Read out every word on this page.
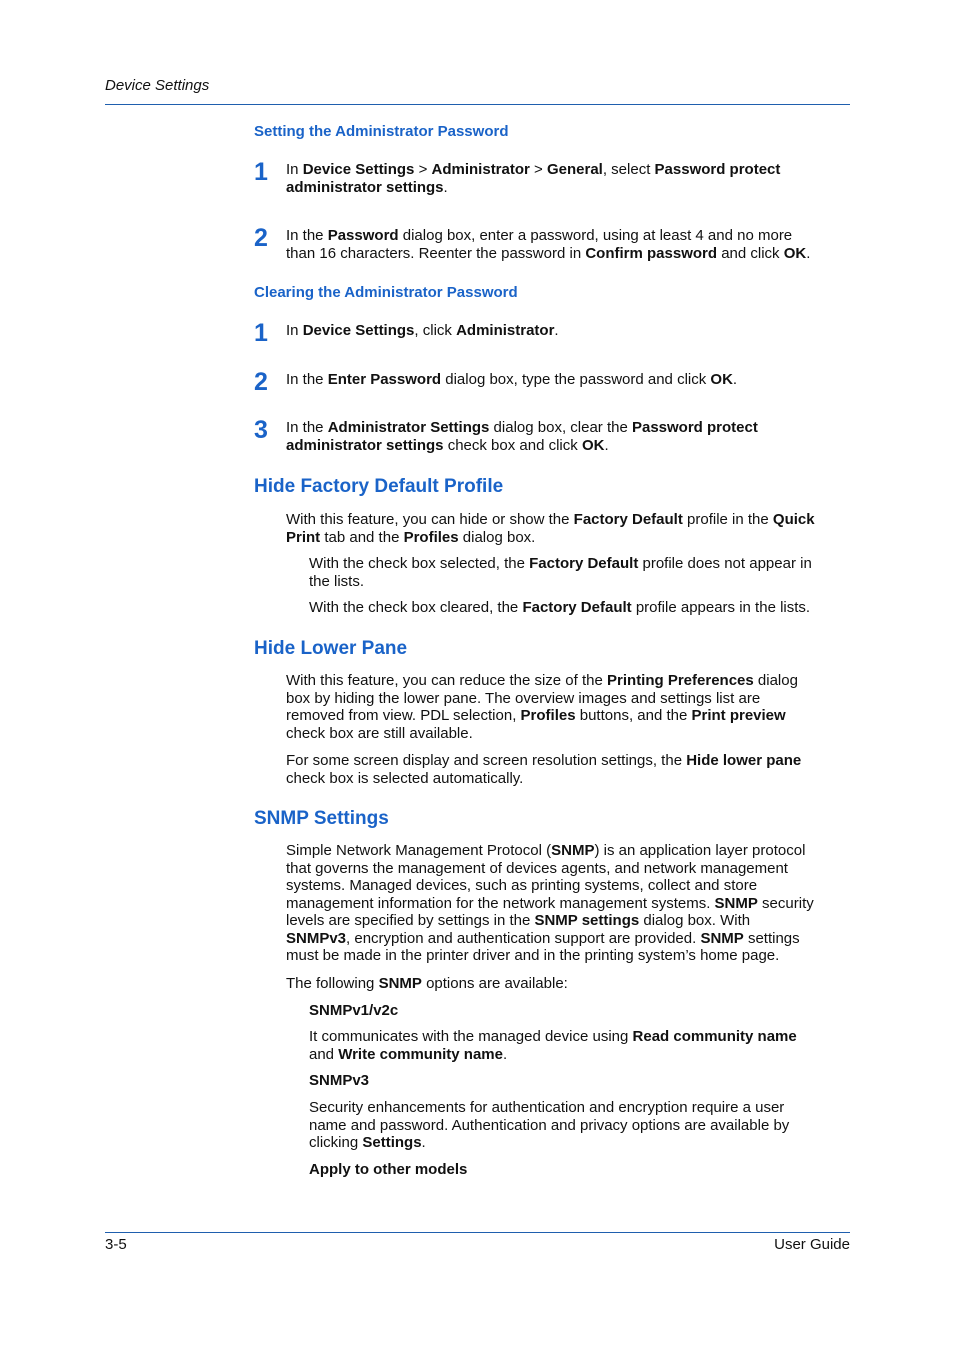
Device Settings
Setting the Administrator Password
1 In Device Settings > Administrator > General, select Password protect

administrator settings.

2 In the Password dialog box, enter a password, using at least 4 and no more

than 16 characters. Reenter the password in Confirm password and click OK.

Clearing the Administrator Password
1 In Device Settings, click Administrator.

2 In the Enter Password dialog box, type the password and click OK.

3 In the Administrator Settings dialog box, clear the Password protect

administrator settings check box and click OK.

Hide Factory Default Profile

With this feature, you can hide or show the Factory Default profile in the Quick

Print tab and the Profiles dialog box.

With the check box selected, the Factory Default profile does not appear in

the lists.

With the check box cleared, the Factory Default profile appears in the lists.

Hide Lower Pane

With this feature, you can reduce the size of the Printing Preferences dialog

box by hiding the lower pane. The overview images and settings list are

removed from view. PDL selection, Profiles buttons, and the Print preview

check box are still available.

For some screen display and screen resolution settings, the Hide lower pane

check box is selected automatically.

SNMP Settings

Simple Network Management Protocol (SNMP) is an application layer protocol

that governs the management of devices agents, and network management

systems. Managed devices, such as printing systems, collect and store

management information for the network management systems. SNMP security

levels are specified by settings in the SNMP settings dialog box. With

SNMPv3, encryption and authentication support are provided. SNMP settings

must be made in the printer driver and in the printing system’s home page.

The following SNMP options are available:

SNMPv1/v2c

It communicates with the managed device using Read community name

and Write community name.

SNMPv3

Security enhancements for authentication and encryption require a user

name and password. Authentication and privacy options are available by

clicking Settings.

Apply to other models
3-5	User Guide
